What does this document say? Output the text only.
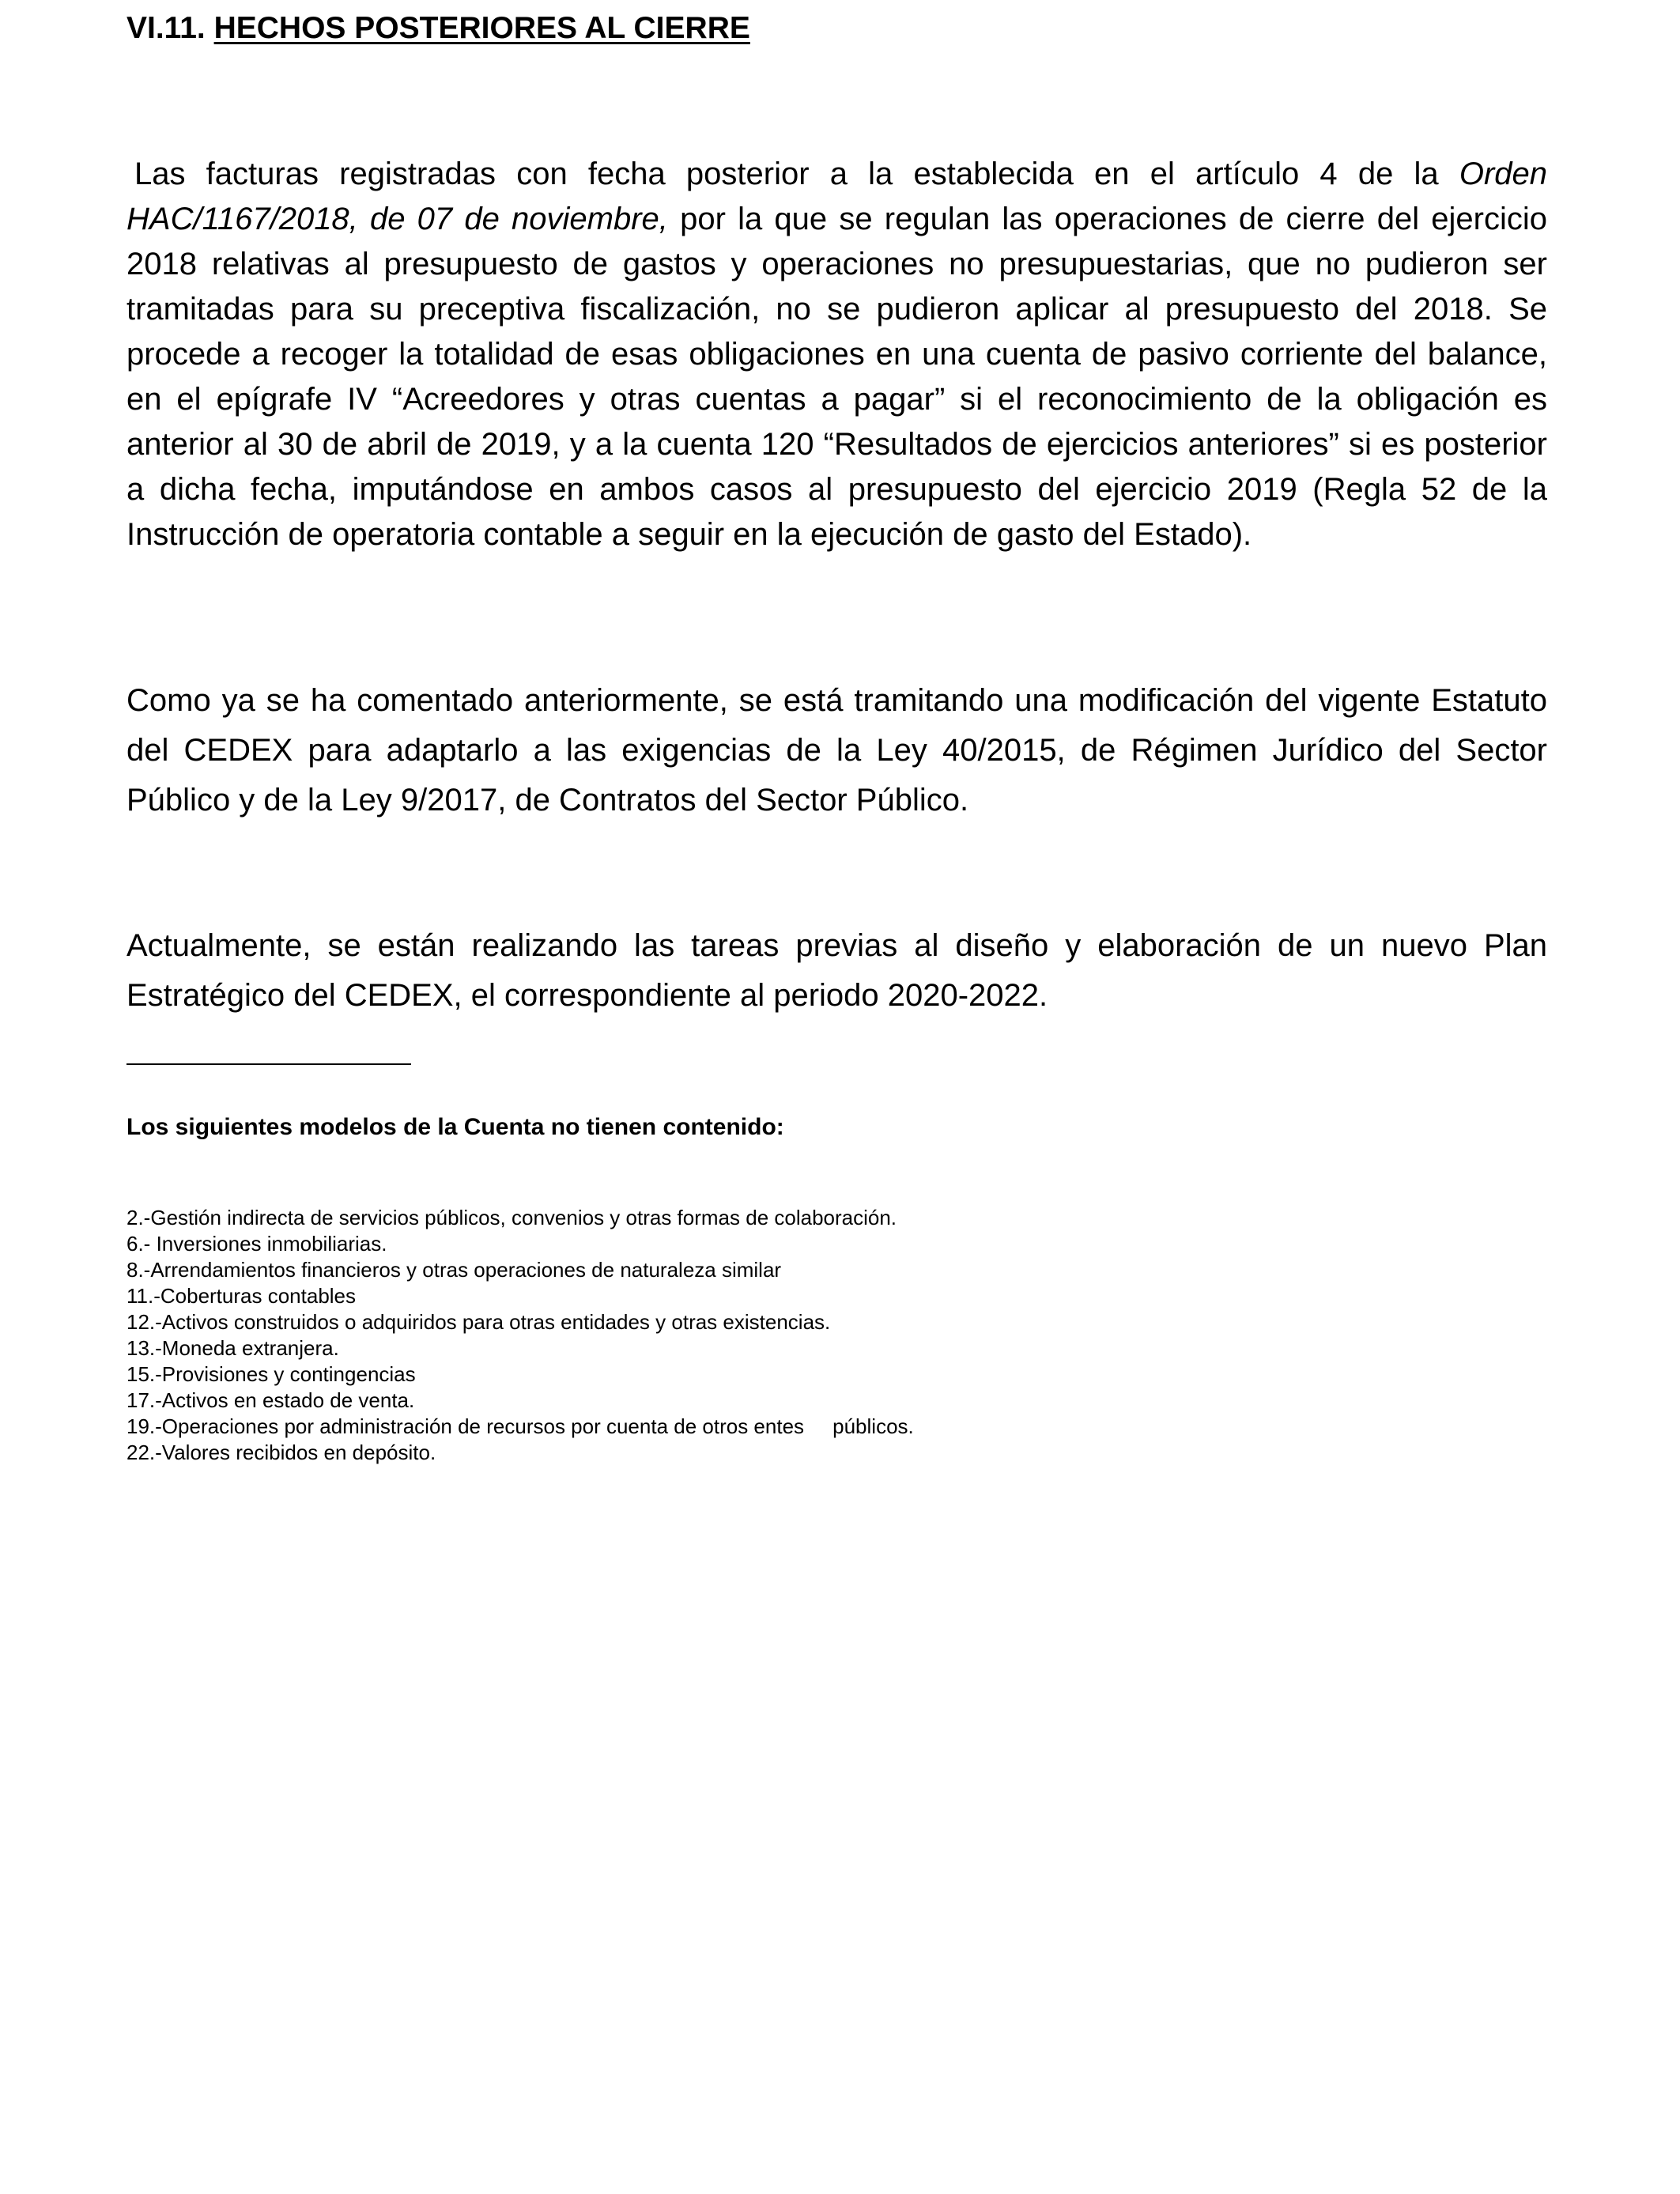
VI.11. HECHOS POSTERIORES AL CIERRE

Las facturas registradas con fecha posterior a la establecida en el artículo 4 de la Orden HAC/1167/2018, de 07 de noviembre, por la que se regulan las operaciones de cierre del ejercicio 2018 relativas al presupuesto de gastos y operaciones no presupuestarias, que no pudieron ser tramitadas para su preceptiva fiscalización, no se pudieron aplicar al presupuesto del 2018. Se procede a recoger la totalidad de esas obligaciones en una cuenta de pasivo corriente del balance, en el epígrafe IV “Acreedores y otras cuentas a pagar” si el reconocimiento de la obligación es anterior al 30 de abril de 2019, y a la cuenta 120 “Resultados de ejercicios anteriores” si es posterior a dicha fecha, imputándose en ambos casos al presupuesto del ejercicio 2019 (Regla 52 de la Instrucción de operatoria contable a seguir en la ejecución de gasto del Estado).

Como ya se ha comentado anteriormente, se está tramitando una modificación del vigente Estatuto del CEDEX para adaptarlo a las exigencias de la Ley 40/2015, de Régimen Jurídico del Sector Público y de la Ley 9/2017, de Contratos del Sector Público.

Actualmente, se están realizando las tareas previas al diseño y elaboración de un nuevo Plan Estratégico del CEDEX, el correspondiente al periodo 2020-2022.

Los siguientes modelos de la Cuenta no tienen contenido:
2.-Gestión indirecta de servicios públicos, convenios y otras formas de colaboración.
6.- Inversiones inmobiliarias.
8.-Arrendamientos financieros y otras operaciones de naturaleza similar
11.-Coberturas contables
12.-Activos construidos o adquiridos para otras entidades y otras existencias.
13.-Moneda extranjera.
15.-Provisiones y contingencias
17.-Activos en estado de venta.
19.-Operaciones por administración de recursos por cuenta de otros entes     públicos.
22.-Valores recibidos en depósito.
